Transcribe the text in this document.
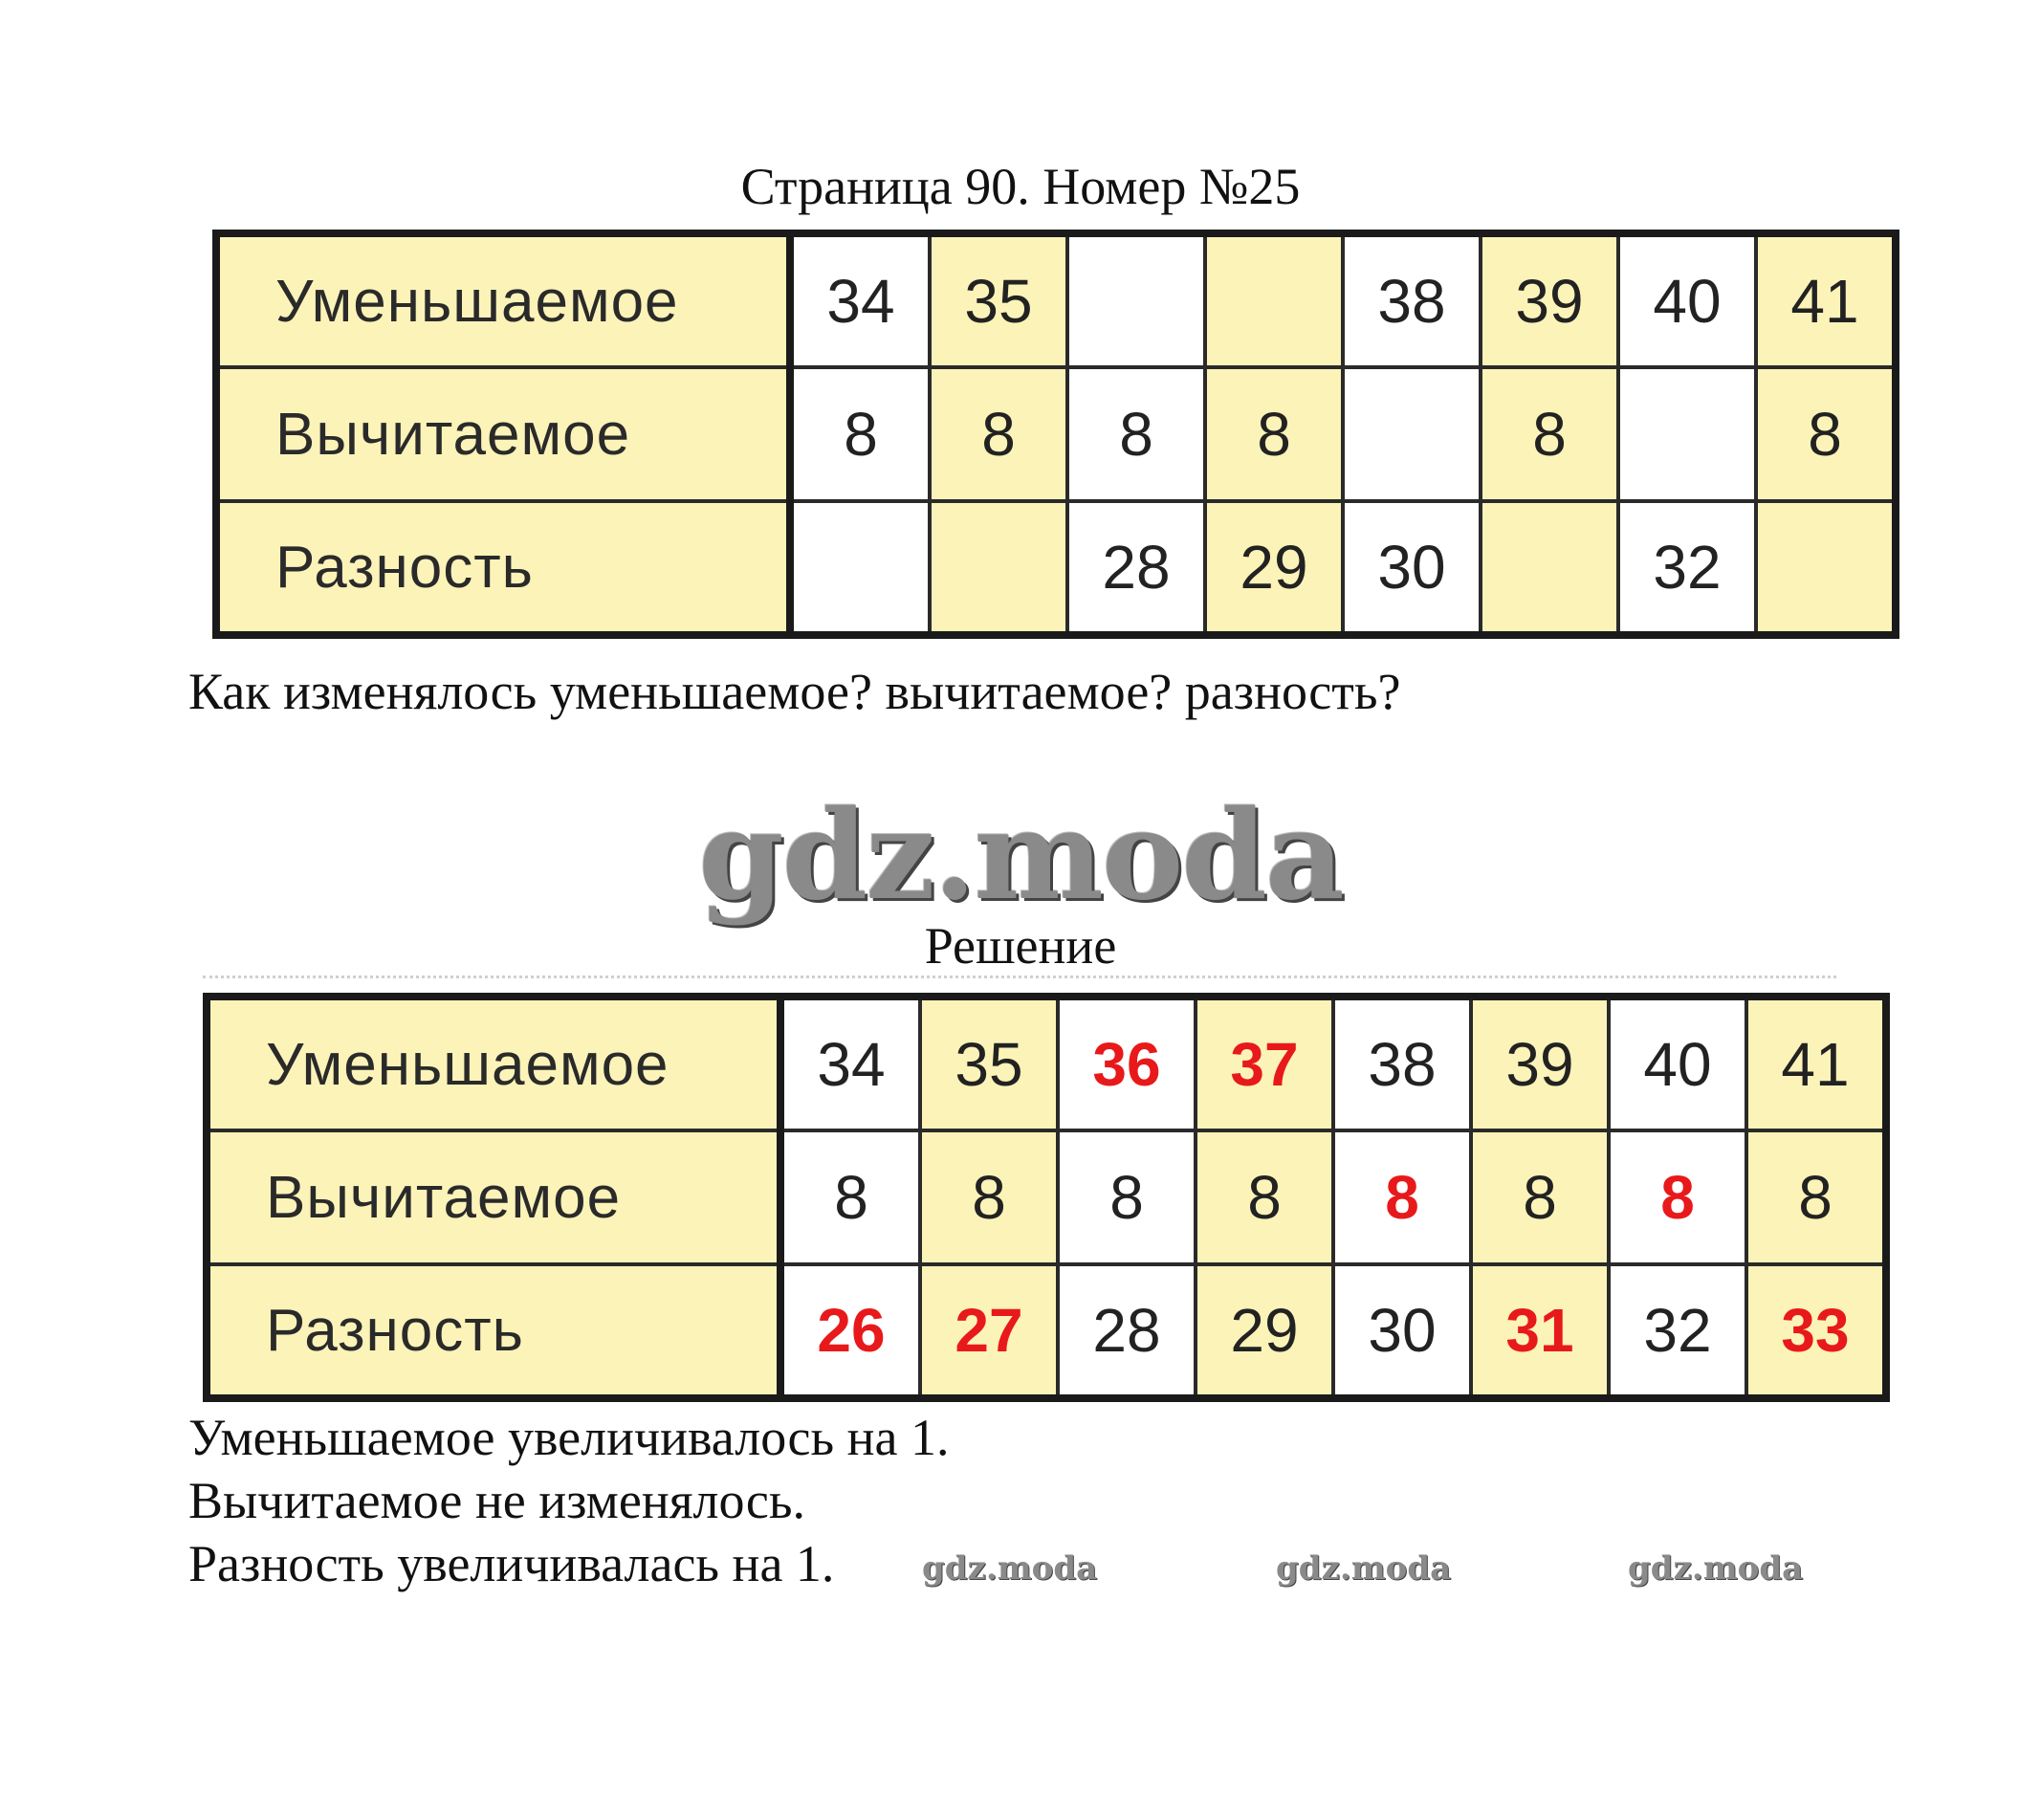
Страница 90. Номер №25
Уменьшаемое	34	35			38	39	40	41
Вычитаемое	8	8	8	8		8		8
Разность			28	29	30		32	
Как изменялось уменьшаемое? вычитаемое? разность?
gdz.moda
Решение
Уменьшаемое	34	35	36	37	38	39	40	41
Вычитаемое	8	8	8	8	8	8	8	8
Разность	26	27	28	29	30	31	32	33
Уменьшаемое увеличивалось на 1.
Вычитаемое не изменялось.
Разность увеличивалась на 1.	gdz.moda	gdz.moda	gdz.moda
